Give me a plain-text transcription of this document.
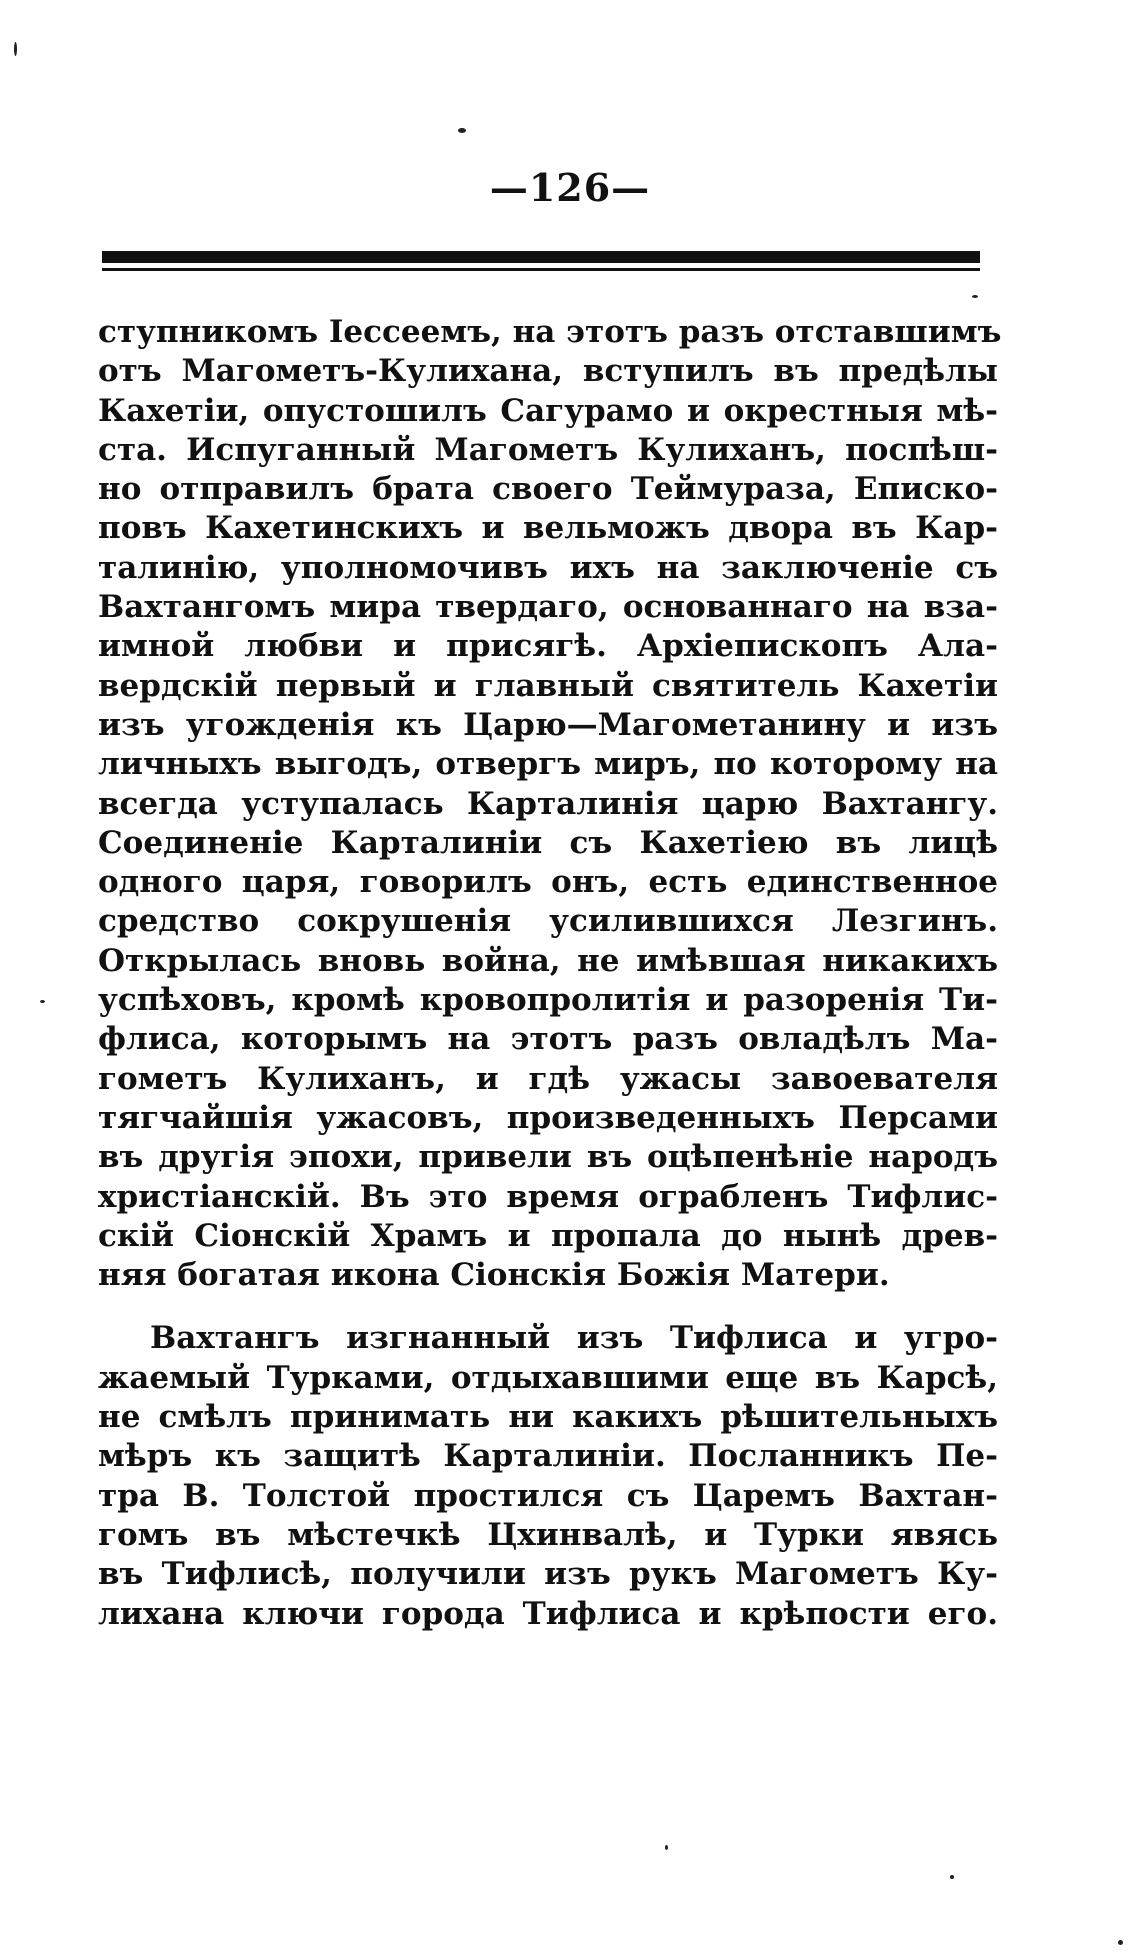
—126—
ступникомъ Іессеемъ, на этотъ разъ отставшимъ
отъ Магометъ-Кулихана, вступилъ въ предѣлы
Кахетіи, опустошилъ Сагурамо и окрестныя мѣ-
ста. Испуганный Магометъ Кулиханъ, поспѣш-
но отправилъ брата своего Теймураза, Еписко-
повъ Кахетинскихъ и вельможъ двора въ Кар-
талинію, уполномочивъ ихъ на заключеніе съ
Вахтангомъ мира твердаго, основаннаго на вза-
имной любви и присягѣ. Архіепископъ Ала-
вердскій первый и главный святитель Кахетіи
изъ угожденія къ Царю—Магометанину и изъ
личныхъ выгодъ, отвергъ миръ, по которому на
всегда уступалась Карталинія царю Вахтангу.
Соединеніе Карталиніи съ Кахетіею въ лицѣ
одного царя, говорилъ онъ, есть единственное
средство сокрушенія усилившихся Лезгинъ.
Открылась вновь война, не имѣвшая никакихъ
успѣховъ, кромѣ кровопролитія и разоренія Ти-
флиса, которымъ на этотъ разъ овладѣлъ Ма-
гометъ Кулиханъ, и гдѣ ужасы завоевателя
тягчайшія ужасовъ, произведенныхъ Персами
въ другія эпохи, привели въ оцѣпенѣніе народъ
христіанскій. Въ это время ограбленъ Тифлис-
скій Сіонскій Храмъ и пропала до нынѣ древ-
няя богатая икона Сіонскія Божія Матери.
Вахтангъ изгнанный изъ Тифлиса и угро-
жаемый Турками, отдыхавшими еще въ Карсѣ,
не смѣлъ принимать ни какихъ рѣшительныхъ
мѣръ къ защитѣ Карталиніи. Посланникъ Пе-
тра В. Толстой простился съ Царемъ Вахтан-
гомъ въ мѣстечкѣ Цхинвалѣ, и Турки явясь
въ Тифлисѣ, получили изъ рукъ Магометъ Ку-
лихана ключи города Тифлиса и крѣпости его.
